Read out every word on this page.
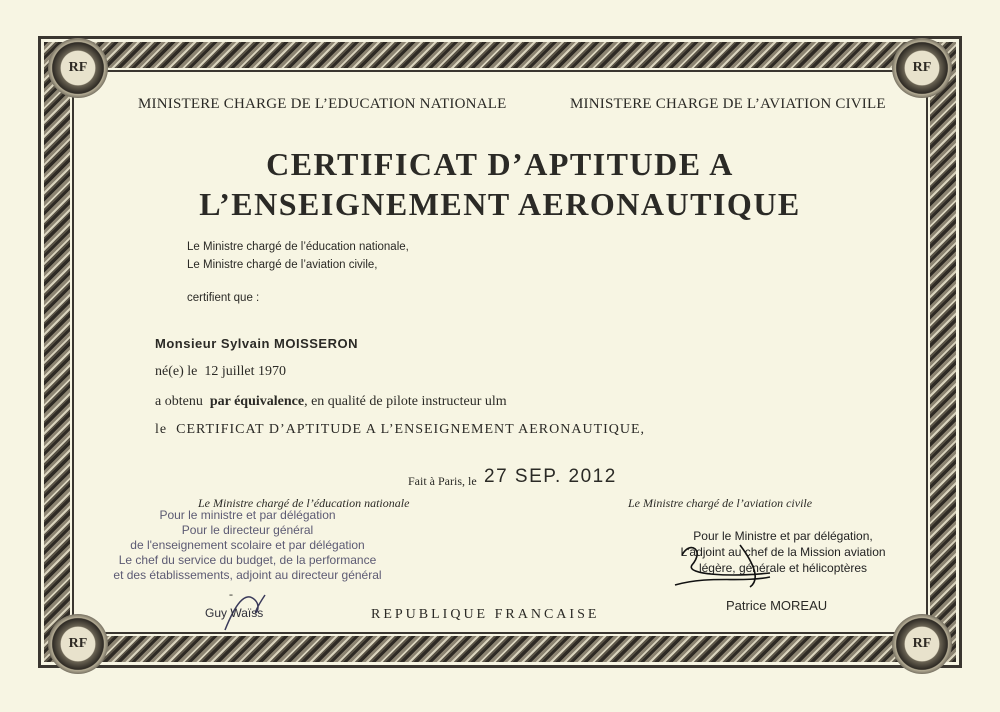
RF	RF
RF	RF
MINISTERE CHARGE DE L’EDUCATION NATIONALE	MINISTERE CHARGE DE L’AVIATION CIVILE
CERTIFICAT D’APTITUDE A
L’ENSEIGNEMENT AERONAUTIQUE
Le Ministre chargé de l’éducation nationale,
Le Ministre chargé de l’aviation civile,
certifient que :
Monsieur Sylvain MOISSERON
né(e) le 12 juillet 1970
a obtenu par équivalence, en qualité de pilote instructeur ulm
le CERTIFICAT D’APTITUDE A L’ENSEIGNEMENT AERONAUTIQUE,
Fait à Paris, le 27 SEP. 2012
Le Ministre chargé de l’éducation nationale
Pour le ministre et par délégation
Pour le directeur général
de l'enseignement scolaire et par délégation
Le chef du service du budget, de la performance
et des établissements, adjoint au directeur général
-
Guy Waïss
Le Ministre chargé de l’aviation civile
Pour le Ministre et par délégation,
L'adjoint au chef de la Mission aviation
légère, générale et hélicoptères
Patrice MOREAU
REPUBLIQUE FRANCAISE
